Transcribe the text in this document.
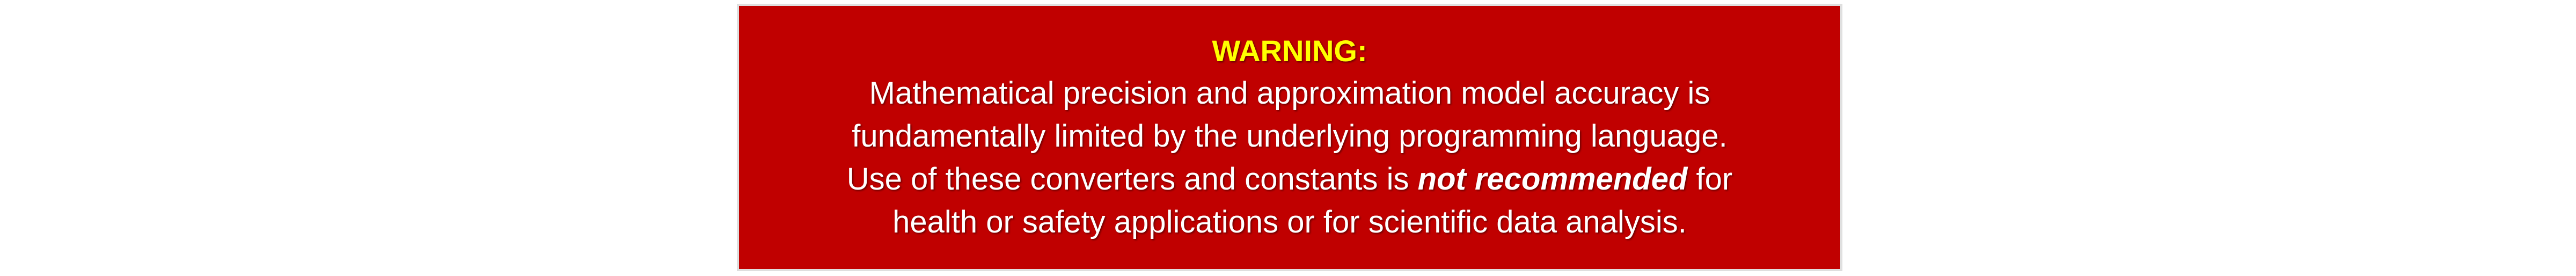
WARNING:
Mathematical precision and approximation model accuracy is
fundamentally limited by the underlying programming language.
Use of these converters and constants is not recommended for
health or safety applications or for scientific data analysis.
